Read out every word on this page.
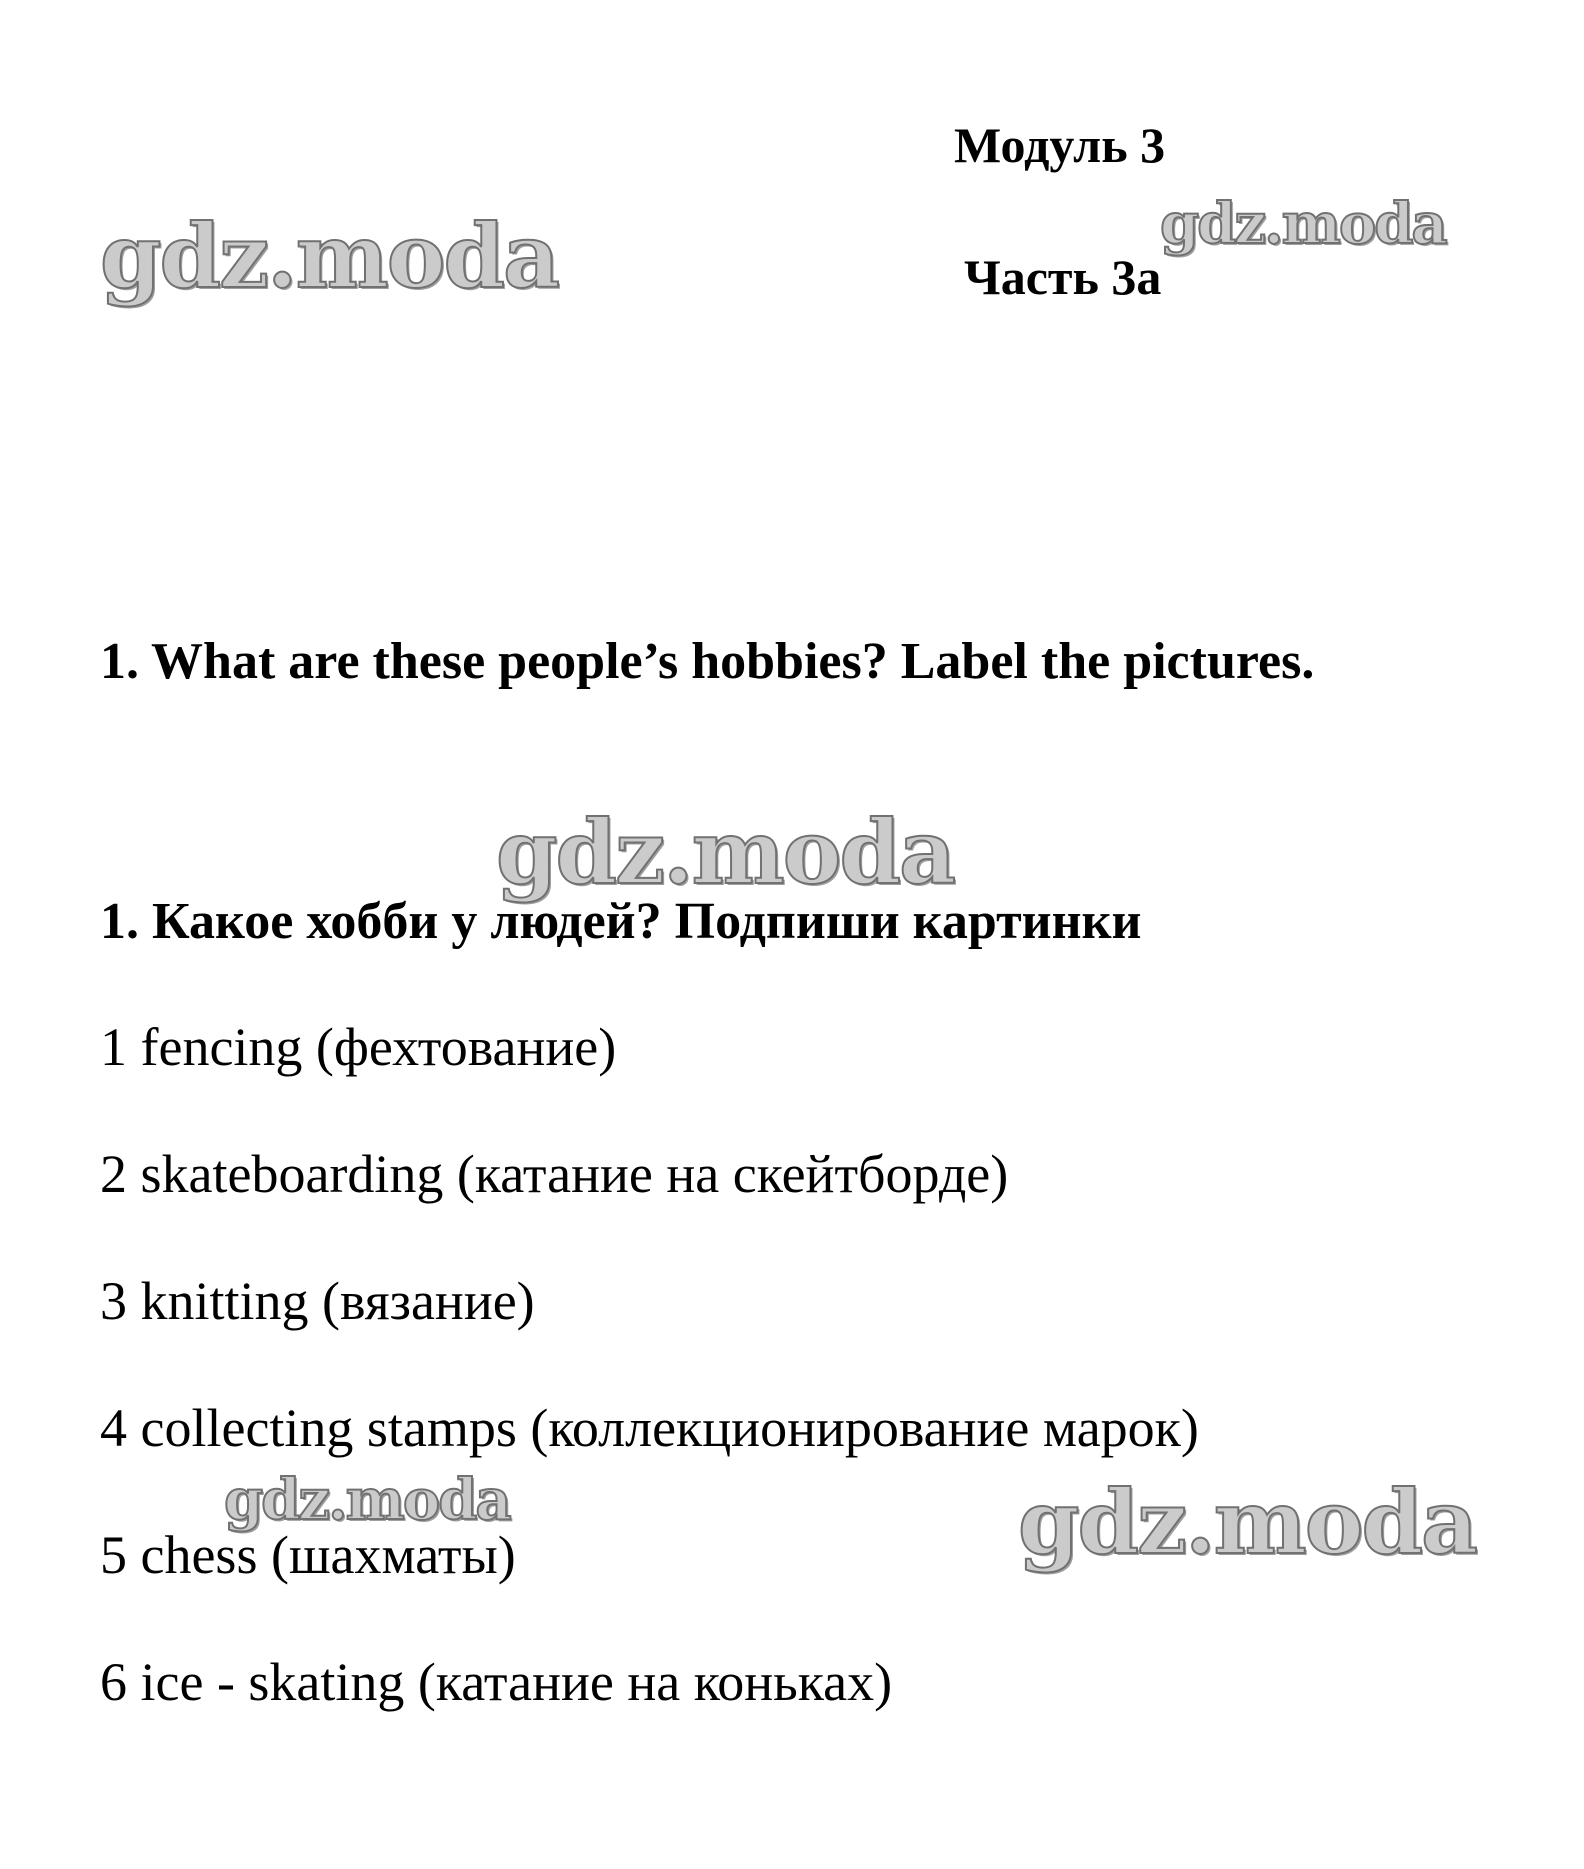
Модуль 3
Часть 3a
1. What are these people’s hobbies? Label the pictures.
1. Какое хобби у людей? Подпиши картинки
1 fencing (фехтование)
2 skateboarding (катание на скейтборде)
3 knitting (вязание)
4 collecting stamps (коллекционирование марок)
5 chess (шахматы)
6 ice - skating (катание на коньках)
gdz.moda	gdz.moda
gdz.moda
gdz.moda	gdz.moda
